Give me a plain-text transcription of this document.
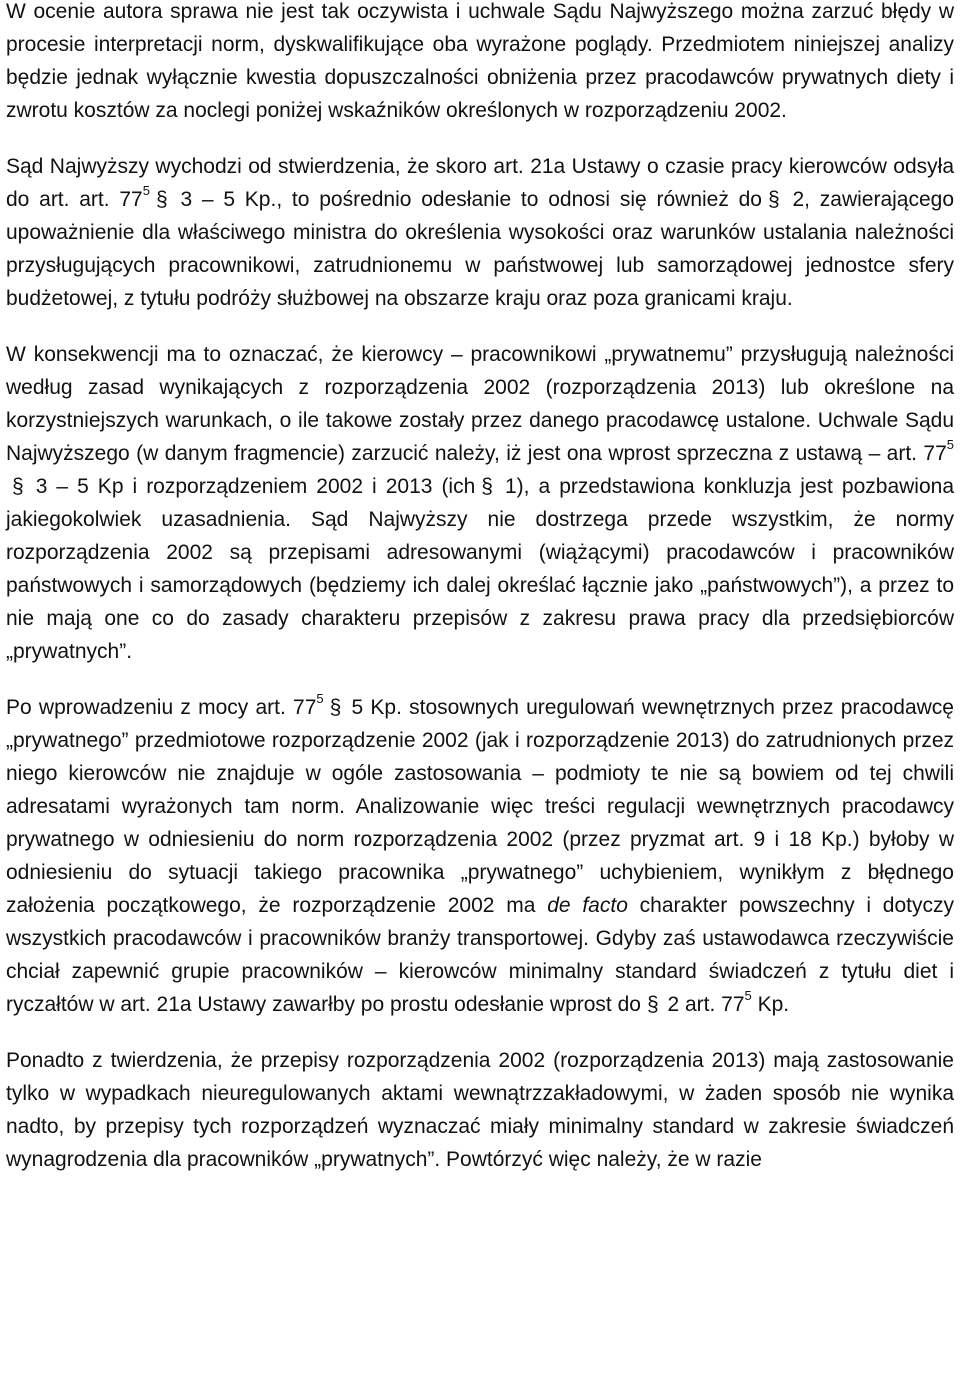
W ocenie autora sprawa nie jest tak oczywista i uchwale Sądu Najwyższego można zarzuć błędy w procesie interpretacji norm, dyskwalifikujące oba wyrażone poglądy. Przedmiotem niniejszej analizy będzie jednak wyłącznie kwestia dopuszczalności obniżenia przez pracodawców prywatnych diety i zwrotu kosztów za noclegi poniżej wskaźników określonych w rozporządzeniu 2002.

Sąd Najwyższy wychodzi od stwierdzenia, że skoro art. 21a Ustawy o czasie pracy kierowców odsyła do art. art. $77^5$ § 3 – 5 Kp., to pośrednio odesłanie to odnosi się również do § 2, zawierającego upoważnienie dla właściwego ministra do określenia wysokości oraz warunków ustalania należności przysługujących pracownikowi, zatrudnionemu w państwowej lub samorządowej jednostce sfery budżetowej, z tytułu podróży służbowej na obszarze kraju oraz poza granicami kraju.

W konsekwencji ma to oznaczać, że kierowcy – pracownikowi „prywatnemu” przysługują należności według zasad wynikających z rozporządzenia 2002 (rozporządzenia 2013) lub określone na korzystniejszych warunkach, o ile takowe zostały przez danego pracodawcę ustalone. Uchwale Sądu Najwyższego (w danym fragmencie) zarzucić należy, iż jest ona wprost sprzeczna z ustawą – art. $77^5\S$ 3 – 5 Kp i rozporządzeniem 2002 i 2013 (ich § 1), a przedstawiona konkluzja jest pozbawiona jakiegokolwiek uzasadnienia. Sąd Najwyższy nie dostrzega przede wszystkim, że normy rozporządzenia 2002 są przepisami adresowanymi (wiążącymi) pracodawców i pracowników państwowych i samorządowych (będziemy ich dalej określać łącznie jako „państwowych”), a przez to nie mają one co do zasady charakteru przepisów z zakresu prawa pracy dla przedsiębiorców „prywatnych”.

Po wprowadzeniu z mocy art. $77^5$ § 5 Kp. stosownych uregulowań wewnętrznych przez pracodawcę „prywatnego” przedmiotowe rozporządzenie 2002 (jak i rozporządzenie 2013) do zatrudnionych przez niego kierowców nie znajduje w ogóle zastosowania – podmioty te nie są bowiem od tej chwili adresatami wyrażonych tam norm. Analizowanie więc treści regulacji wewnętrznych pracodawcy prywatnego w odniesieniu do norm rozporządzenia 2002 (przez pryzmat art. 9 i 18 Kp.) byłoby w odniesieniu do sytuacji takiego pracownika „prywatnego” uchybieniem, wynikłym z błędnego założenia początkowego, że rozporządzenie 2002 ma de facto charakter powszechny i dotyczy wszystkich pracodawców i pracowników branży transportowej. Gdyby zaś ustawodawca rzeczywiście chciał zapewnić grupie pracowników – kierowców minimalny standard świadczeń z tytułu diet i ryczałtów w art. 21a Ustawy zawarłby po prostu odesłanie wprost do § 2 art. $77^5$ Kp.

Ponadto z twierdzenia, że przepisy rozporządzenia 2002 (rozporządzenia 2013) mają zastosowanie tylko w wypadkach nieuregulowanych aktami wewnątrzzakładowymi, w żaden sposób nie wynika nadto, by przepisy tych rozporządzeń wyznaczać miały minimalny standard w zakresie świadczeń wynagrodzenia dla pracowników „prywatnych”. Powtórzyć więc należy, że w razie
